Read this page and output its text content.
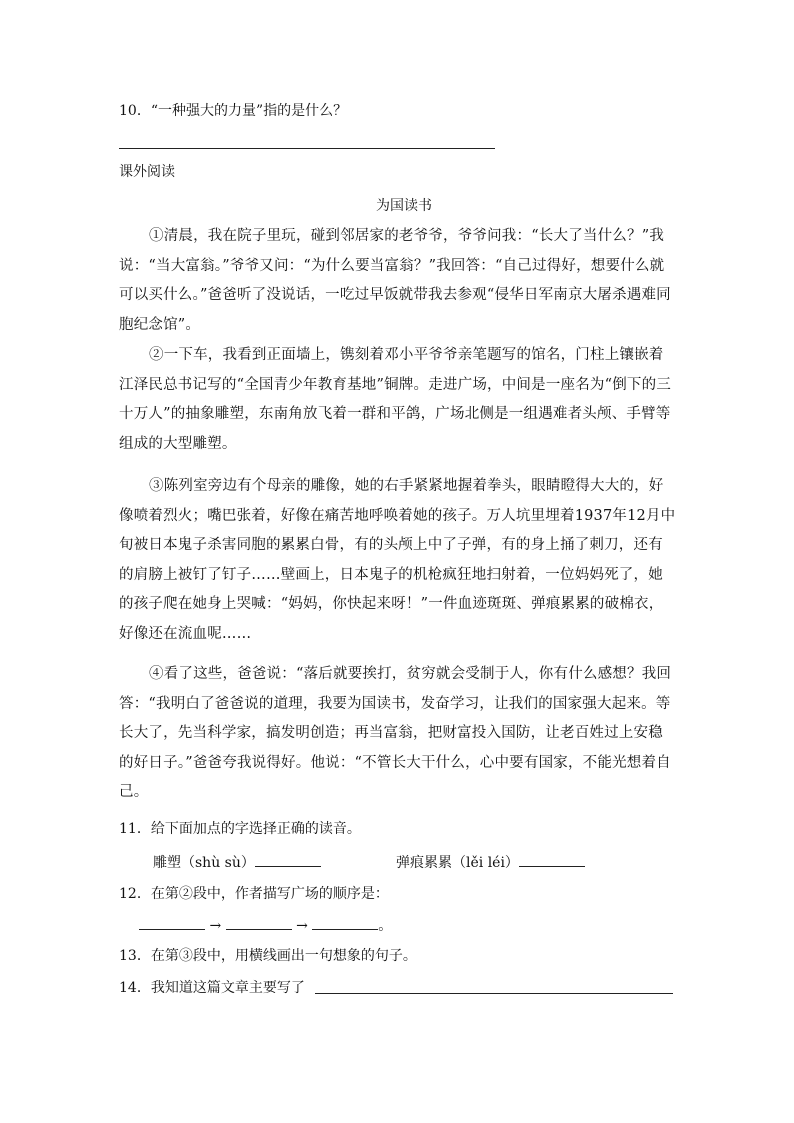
10．“一种强大的力量”指的是什么？
课外阅读
为国读书
①清晨，我在院子里玩，碰到邻居家的老爷爷，爷爷问我：“长大了当什么？”我说：“当大富翁。”爷爷又问：“为什么要当富翁？”我回答：“自己过得好，想要什么就可以买什么。”爸爸听了没说话，一吃过早饭就带我去参观“侵华日军南京大屠杀遇难同胞纪念馆”。
②一下车，我看到正面墙上，镌刻着邓小平爷爷亲笔题写的馆名，门柱上镶嵌着江泽民总书记写的“全国青少年教育基地”铜牌。走进广场，中间是一座名为“倒下的三十万人”的抽象雕塑，东南角放飞着一群和平鸽，广场北侧是一组遇难者头颅、手臂等组成的大型雕塑。
③陈列室旁边有个母亲的雕像，她的右手紧紧地握着拳头，眼睛瞪得大大的，好像喷着烈火；嘴巴张着，好像在痛苦地呼唤着她的孩子。万人坑里埋着1937年12月中旬被日本鬼子杀害同胞的累累白骨，有的头颅上中了子弹，有的身上捅了刺刀，还有的肩膀上被钉了钉子……壁画上，日本鬼子的机枪疯狂地扫射着，一位妈妈死了，她的孩子爬在她身上哭喊：“妈妈，你快起来呀！”一件血迹斑斑、弹痕累累的破棉衣，好像还在流血呢……
④看了这些，爸爸说：“落后就要挨打，贫穷就会受制于人，你有什么感想？我回答：“我明白了爸爸说的道理，我要为国读书，发奋学习，让我们的国家强大起来。等长大了，先当科学家，搞发明创造；再当富翁，把财富投入国防，让老百姓过上安稳的好日子。”爸爸夸我说得好。他说：“不管长大干什么，心中要有国家，不能光想着自己。
11．给下面加点的字选择正确的读音。
雕塑（shù sù）	弹痕累累（lěi léi）
12．在第②段中，作者描写广场的顺序是：
→	→	。
13．在第③段中，用横线画出一句想象的句子。
14．我知道这篇文章主要写了
